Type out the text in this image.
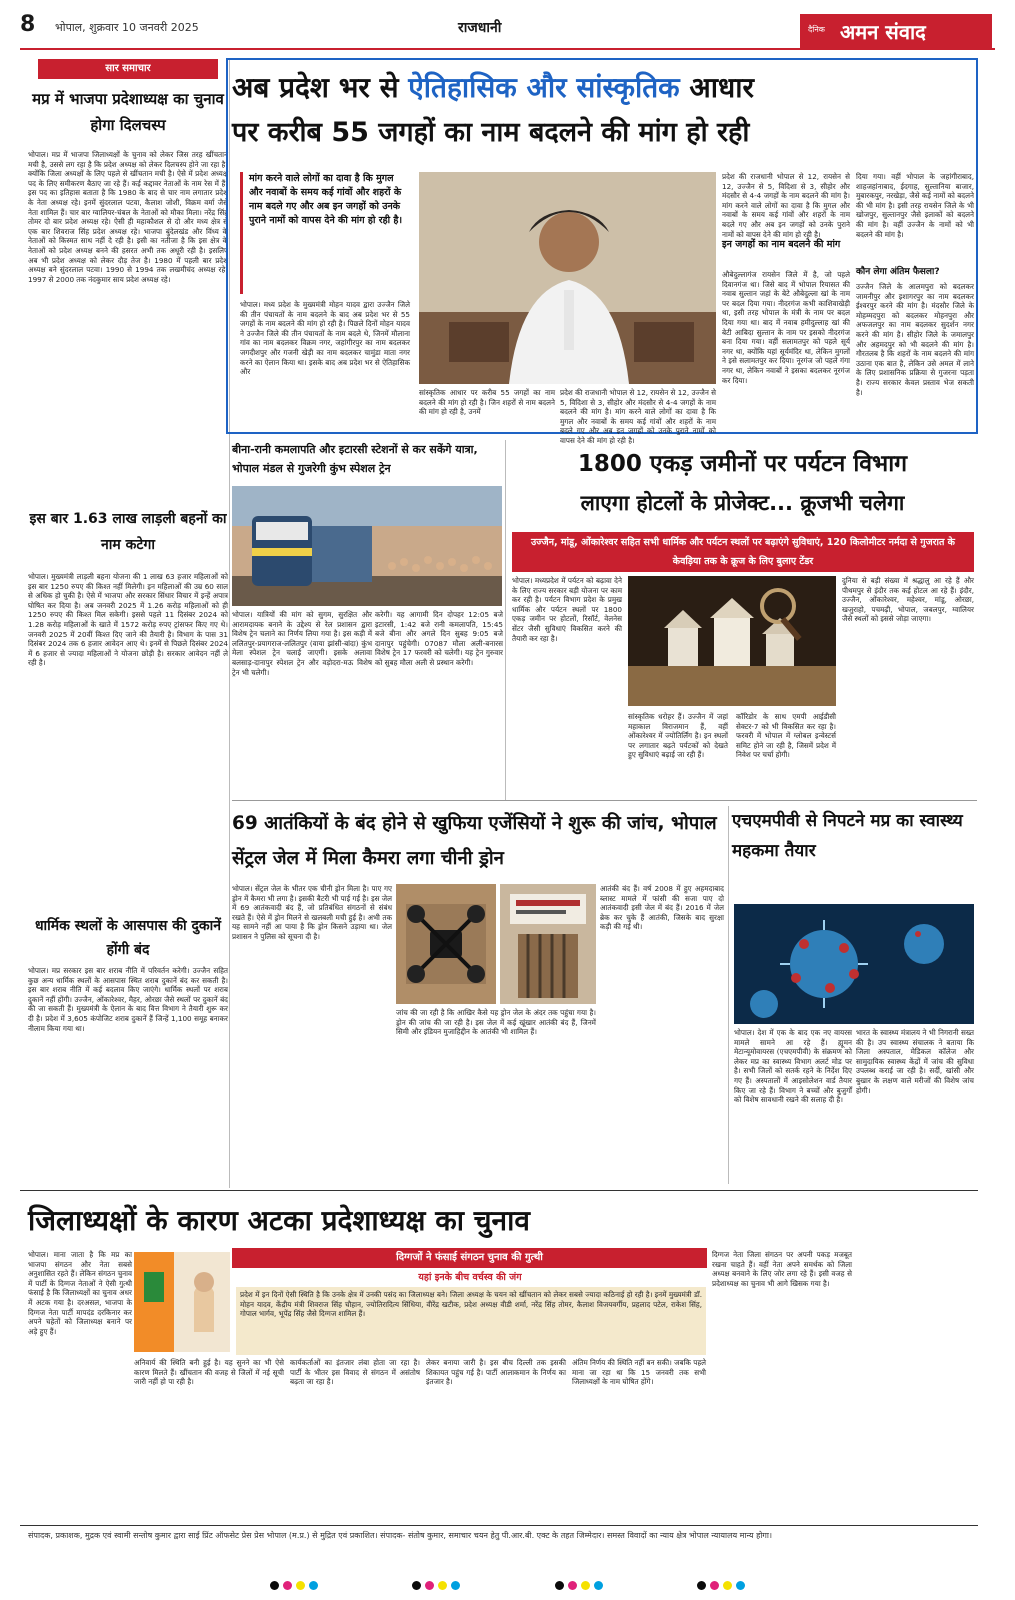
8 भोपाल, शुक्रवार 10 जनवरी 2025	राजधानी	दैनिक अमन संवाद
सार समाचार
मप्र में भाजपा प्रदेशाध्यक्ष का चुनाव होगा दिलचस्प
भोपाल। मप्र में भाजपा जिलाध्यक्षों के चुनाव को लेकर जिस तरह खींचतान मची है, उससे लग रहा है कि प्रदेश अध्यक्ष को लेकर दिलचस्प होने जा रहा है। क्योंकि जिला अध्यक्षों के लिए पहले से खींचतान मची है। ऐसे में प्रदेश अध्यक्ष पद के लिए समीकरण बैठाए जा रहे हैं। कई कद्दावर नेताओं के नाम रेस में हैं। इस पद का इतिहास बताता है कि 1980 के बाद से चार नाम लगातार प्रदेश के नेता अध्यक्ष रहे। इनमें सुंदरलाल पटवा, कैलाश जोशी, विक्रम वर्मा जैसे नेता शामिल हैं। चार बार ग्वालियर-चंबल के नेताओं को मौका मिला। नरेंद्र सिंह तोमर दो बार प्रदेश अध्यक्ष रहे। ऐसी ही महाकौशल से दो और मध्य क्षेत्र से एक बार शिवराज सिंह प्रदेश अध्यक्ष रहे। भाजपा बुंदेलखंड और विंध्य के नेताओं को किस्मत साथ नहीं दे रही है। इसी का नतीजा है कि इस क्षेत्र के नेताओं को प्रदेश अध्यक्ष बनने की हसरत अभी तक अधूरी रही है। इसलिए अब भी प्रदेश अध्यक्ष को लेकर दौड़ तेज है। 1980 में पहली बार प्रदेश अध्यक्ष बने सुंदरलाल पटवा। 1990 से 1994 तक लखमीचंद अध्यक्ष रहे। 1997 से 2000 तक नंदकुमार साय प्रदेश अध्यक्ष रहे।
इस बार 1.63 लाख लाड़ली बहनों का नाम कटेगा
भोपाल। मुख्यमंत्री लाड़ली बहना योजना की 1 लाख 63 हजार महिलाओं को इस बार 1250 रुपए की किश्त नहीं मिलेगी। इन महिलाओं की उम्र 60 साल से अधिक हो चुकी है। ऐसे में भाजपा और सरकार सिंधार विचार में इन्हें अपात्र घोषित कर दिया है। अब जनवरी 2025 में 1.26 करोड़ महिलाओं को ही 1250 रुपए की किश्त मिल सकेगी। इससे पहले 11 दिसंबर 2024 को 1.28 करोड़ महिलाओं के खाते में 1572 करोड़ रुपए ट्रांसफर किए गए थे। जनवरी 2025 में 20वीं किश्त दिए जाने की तैयारी है। विभाग के पास 31 दिसंबर 2024 तक 6 हजार आवेदन आए थे। इनमें से पिछले दिसंबर 2024 में 6 हजार से ज्यादा महिलाओं ने योजना छोड़ी है। सरकार आवेदन नहीं ले रही है।
धार्मिक स्थलों के आसपास की दुकानें होंगी बंद
भोपाल। मप्र सरकार इस बार शराब नीति में परिवर्तन करेगी। उज्जैन सहित कुछ अन्य धार्मिक स्थलों के आसपास स्थित शराब दुकानें बंद कर सकती है। इस बार शराब नीति में कई बदलाव किए जाएंगे। धार्मिक स्थलों पर शराब दुकानें नहीं होंगी। उज्जैन, ओंकारेश्वर, मैहर, ओरछा जैसे स्थलों पर दुकानें बंद की जा सकती हैं। मुख्यमंत्री के ऐलान के बाद वित्त विभाग ने तैयारी शुरू कर दी है। प्रदेश में 3,605 कंपोजिट शराब दुकानें हैं जिन्हें 1,100 समूह बनाकर नीलाम किया गया था।
अब प्रदेश भर से ऐतिहासिक और सांस्कृतिक आधार
पर करीब 55 जगहों का नाम बदलने की मांग हो रही
मांग करने वाले लोगों का दावा है कि मुगल और नवाबों के समय कई गांवों और शहरों के नाम बदले गए और अब इन जगहों को उनके पुराने नामों को वापस देने की मांग हो रही है।
भोपाल। मध्य प्रदेश के मुख्यमंत्री मोहन यादव द्वारा उज्जैन जिले की तीन पंचायतों के नाम बदलने के बाद अब प्रदेश भर से 55 जगहों के नाम बदलने की मांग हो रही है। पिछले दिनों मोहन यादव ने उज्जैन जिले की तीन पंचायतों के नाम बदले थे, जिनमें मौलाना गांव का नाम बदलकर विक्रम नगर, जहांगीरपुर का नाम बदलकर जगदीशपुर और गजनी खेड़ी का नाम बदलकर चामुंडा माता नगर करने का ऐलान किया था। इसके बाद अब प्रदेश भर से ऐतिहासिक और
सांस्कृतिक आधार पर करीब 55 जगहों का नाम बदलने की मांग हो रही है। जिन शहरों से नाम बदलने की मांग हो रही है, उनमें
प्रदेश की राजधानी भोपाल से 12, रायसेन से 12, उज्जैन से 5, विदिशा से 3, सीहोर और मंदसौर से 4-4 जगहों के नाम बदलने की मांग है। मांग करने वाले लोगों का दावा है कि मुगल और नवाबों के समय कई गांवों और शहरों के नाम बदले गए और अब इन जगहों को उनके पुराने नामों को वापस देने की मांग हो रही है।
प्रदेश की राजधानी भोपाल से 12, रायसेन से 12, उज्जैन से 5, विदिशा से 3, सीहोर और मंदसौर से 4-4 जगहों के नाम बदलने की मांग है। मांग करने वाले लोगों का दावा है कि मुगल और नवाबों के समय कई गांवों और शहरों के नाम बदले गए और अब इन जगहों को उनके पुराने नामों को वापस देने की मांग हो रही है।
इन जगहों का नाम बदलने की मांग
औबेदुल्लागंज रायसेन जिले में है, जो पहले दिवानगंज था। जिसे बाद में भोपाल रियासत की नवाब सुल्तान जहां के बेटे औबेदुल्ला खां के नाम पर बदल दिया गया। नीदरगंज कभी काशिवाखेड़ी था, इसी तरह भोपाल के मंत्री के नाम पर बदल दिया गया था। बाद में नवाब हमीदुल्लाह खां की बेटी आबिदा सुल्तान के नाम पर इसको नीदरगंज बना दिया गया। वहीं सलामतपुर को पहले सूर्य नगर था, क्योंकि यहां सूर्यमंदिर था, लेकिन मुगलों ने इसे सलामतपुर कर दिया। नूरगंज जो पहले गंगा नगर था, लेकिन नवाबों ने इसका बदलकर नूरगंज कर दिया।
दिया गया। वहीं भोपाल के जहांगीराबाद, शाहजहांनाबाद, ईदगाह, सुल्तानिया बाजार, मुबारकपुर, नरखेड़ा, जैसे कई नामों को बदलने की भी मांग है। इसी तरह रायसेन जिले के भी खोजपुर, सुल्तानपुर जैसे इलाकों को बदलने की मांग है। वहीं उज्जैन के नामों को भी बदलने की मांग है।
कौन लेगा अंतिम फैसला?
उज्जैन जिले के आलमपुरा को बदलकर जामनीपुर और इशागरपुर का नाम बदलकर ईश्वरपुर करने की मांग है। मंदसौर जिले के मोहम्मदपुरा को बदलकर मोहनपुरा और अफजलपुर का नाम बदलकर सुदर्शन नगर करने की मांग है। सीहोर जिले के जमालपुर और अहमदपुर को भी बदलने की मांग है। गौरतलब है कि शहरों के नाम बदलने की मांग उठाना एक बात है, लेकिन उसे अमल में लाने के लिए प्रशासनिक प्रक्रिया से गुजरना पड़ता है। राज्य सरकार केवल प्रस्ताव भेज सकती है।
बीना-रानी कमलापति और इटारसी स्टेशनों से कर सकेंगे यात्रा, भोपाल मंडल से गुजरेगी कुंभ स्पेशल ट्रेन
भोपाल। यात्रियों की मांग को सुगम, सुरक्षित और आरामदायक बनाने के उद्देश्य से रेल प्रशासन द्वारा विशेष ट्रेन चलाने का निर्णय लिया गया है। इस कड़ी में ललितपुर-प्रयागराज-ललितपुर (वाया झांसी-बांदा) कुंभ मेला स्पेशल ट्रेन चलाई जाएगी। इसके अलावा बलसाड़-दानापुर स्पेशल ट्रेन और वड़ोदरा-मऊ विशेष ट्रेन भी चलेगी।
करेगी। यह आगामी दिन दोपहर 12:05 बजे इटारसी, 1:42 बजे रानी कमलापति, 15:45 बजे बीना और अगले दिन सुबह 9:05 बजे दानापुर पहुंचेगी। 07087 मौला अली-बनारस विशेष ट्रेन 17 फरवरी को चलेगी। यह ट्रेन गुरुवार को सुबह मौला अली से प्रस्थान करेगी।
1800 एकड़ जमीनों पर पर्यटन विभाग
लाएगा होटलों के प्रोजेक्ट... क्रूजभी चलेगा
उज्जैन, मांडू, ओंकारेश्वर सहित सभी धार्मिक और पर्यटन स्थलों पर बढ़ाएंगे सुविधाएं, 120 किलोमीटर नर्मदा से गुजरात के केवड़िया तक के क्रूज के लिए बुलाए टेंडर
भोपाल। मध्यप्रदेश में पर्यटन को बढ़ावा देने के लिए राज्य सरकार बड़ी योजना पर काम कर रही है। पर्यटन विभाग प्रदेश के प्रमुख धार्मिक और पर्यटन स्थलों पर 1800 एकड़ जमीन पर होटलों, रिसॉर्ट, वेलनेस सेंटर जैसी सुविधाएं विकसित करने की तैयारी कर रहा है।
सांस्कृतिक धरोहर हैं। उज्जैन में जहां महाकाल विराजमान हैं, वहीं ओंकारेश्वर में ज्योतिर्लिंग है। इन स्थलों पर लगातार बढ़ते पर्यटकों को देखते हुए सुविधाएं बढ़ाई जा रही हैं।
कॉरिडोर के साथ एमपी आईडीसी सेक्टर-7 को भी विकसित कर रहा है। फरवरी में भोपाल में ग्लोबल इन्वेस्टर्स समिट होने जा रही है, जिसमें प्रदेश में निवेश पर चर्चा होगी।
दुनिया से बड़ी संख्या में श्रद्धालु आ रहे हैं और पीथमपुर से इंदौर तक कई होटल आ रहे हैं। इंदौर, उज्जैन, ओंकारेश्वर, महेश्वर, मांडू, ओरछा, खजुराहो, पचमढ़ी, भोपाल, जबलपुर, ग्वालियर जैसे स्थलों को इससे जोड़ा जाएगा।
69 आतंकियों के बंद होने से खुफिया एजेंसियों ने शुरू की जांच, भोपाल सेंट्रल जेल में मिला कैमरा लगा चीनी ड्रोन
भोपाल। सेंट्रल जेल के भीतर एक चीनी ड्रोन मिला है। पाए गए ड्रोन में कैमरा भी लगा है। इसकी बैटरी भी पाई गई है। इस जेल में 69 आतंकवादी बंद हैं, जो प्रतिबंधित संगठनों से संबंध रखते हैं। ऐसे में ड्रोन मिलने से खलबली मची हुई है। अभी तक यह सामने नहीं आ पाया है कि ड्रोन किसने उड़ाया था। जेल प्रशासन ने पुलिस को सूचना दी है।
जांच की जा रही है कि आखिर कैसे यह ड्रोन जेल के अंदर तक पहुंचा गया है। ड्रोन की जांच की जा रही है। इस जेल में कई खूंखार आतंकी बंद हैं, जिनमें सिमी और इंडियन मुजाहिद्दीन के आतंकी भी शामिल हैं।
आतंकी बंद हैं। वर्ष 2008 में हुए अहमदाबाद ब्लास्ट मामले में फांसी की सजा पाए दो आतंकवादी इसी जेल में बंद हैं। 2016 में जेल ब्रेक कर चुके हैं आतंकी, जिसके बाद सुरक्षा कड़ी की गई थी।
एचएमपीवी से निपटने मप्र का स्वास्थ्य महकमा तैयार
भोपाल। देश में एक के बाद एक नए वायरस मामले सामने आ रहे हैं। ह्यूमन मेटान्यूमोवायरस (एचएमपीवी) के संक्रमण को लेकर मप्र का स्वास्थ्य विभाग अलर्ट मोड पर है। सभी जिलों को सतर्क रहने के निर्देश दिए गए हैं। अस्पतालों में आइसोलेशन वार्ड तैयार किए जा रहे हैं। विभाग ने बच्चों और बुजुर्गों को विशेष सावधानी रखने की सलाह दी है।
भारत के स्वास्थ्य मंत्रालय ने भी निगरानी सख्त की है। उप स्वास्थ्य संचालक ने बताया कि जिला अस्पताल, मेडिकल कॉलेज और सामुदायिक स्वास्थ्य केंद्रों में जांच की सुविधा उपलब्ध कराई जा रही है। सर्दी, खांसी और बुखार के लक्षण वाले मरीजों की विशेष जांच होगी।
जिलाध्यक्षों के कारण अटका प्रदेशाध्यक्ष का चुनाव
दिग्गजों ने फंसाई संगठन चुनाव की गुत्थी
भोपाल। माना जाता है कि मप्र का भाजपा संगठन और नेता सबसे अनुशासित रहते हैं। लेकिन संगठन चुनाव में पार्टी के दिग्गज नेताओं ने ऐसी गुत्थी फंसाई है कि जिलाध्यक्षों का चुनाव अधर में अटक गया है। दरअसल, भाजपा के दिग्गज नेता पार्टी मापदंड दरकिनार कर अपने चहेतों को जिलाध्यक्ष बनाने पर अड़े हुए हैं।
यहां इनके बीच वर्चस्व की जंग
प्रदेश में इन दिनों ऐसी स्थिति है कि उनके क्षेत्र में उनकी पसंद का जिलाध्यक्ष बने। जिला अध्यक्ष के चयन को खींचतान को लेकर सबसे ज्यादा कठिनाई हो रही है। इनमें मुख्यमंत्री डॉ. मोहन यादव, केंद्रीय मंत्री शिवराज सिंह चौहान, ज्योतिरादित्य सिंधिया, वीरेंद्र खटीक, प्रदेश अध्यक्ष वीडी शर्मा, नरेंद्र सिंह तोमर, कैलाश विजयवर्गीय, प्रहलाद पटेल, राकेश सिंह, गोपाल भार्गव, भूपेंद्र सिंह जैसे दिग्गज शामिल हैं।
अनिवार्य की स्थिति बनी हुई है। यह सुनने का भी ऐसे कारण मिलते हैं। खींचतान की वजह से जिलों में नई सूची जारी नहीं हो पा रही है।
कार्यकर्ताओं का इंतजार लंबा होता जा रहा है। पार्टी के भीतर इस विवाद से संगठन में असंतोष बढ़ता जा रहा है।
लेकर बनाया जारी है। इस बीच दिल्ली तक इसकी शिकायत पहुंच गई है। पार्टी आलाकमान के निर्णय का इंतजार है।
अंतिम निर्णय की स्थिति नहीं बन सकी। जबकि पहले माना जा रहा था कि 15 जनवरी तक सभी जिलाध्यक्षों के नाम घोषित होंगे।
दिग्गज नेता जिला संगठन पर अपनी पकड़ मजबूत रखना चाहते हैं। वहीं नेता अपने समर्थक को जिला अध्यक्ष बनवाने के लिए जोर लगा रहे हैं। इसी वजह से प्रदेशाध्यक्ष का चुनाव भी आगे खिसक गया है।
संपादक, प्रकाशक, मुद्रक एवं स्वामी सन्तोष कुमार द्वारा साई प्रिंट ऑफसेट प्रेस प्रेस भोपाल (म.प्र.) से मुद्रित एवं प्रकाशित। संपादक- संतोष कुमार, समाचार चयन हेतु पी.आर.बी. एक्ट के तहत जिम्मेदार। समस्त विवादों का न्याय क्षेत्र भोपाल न्यायालय मान्य होगा।
